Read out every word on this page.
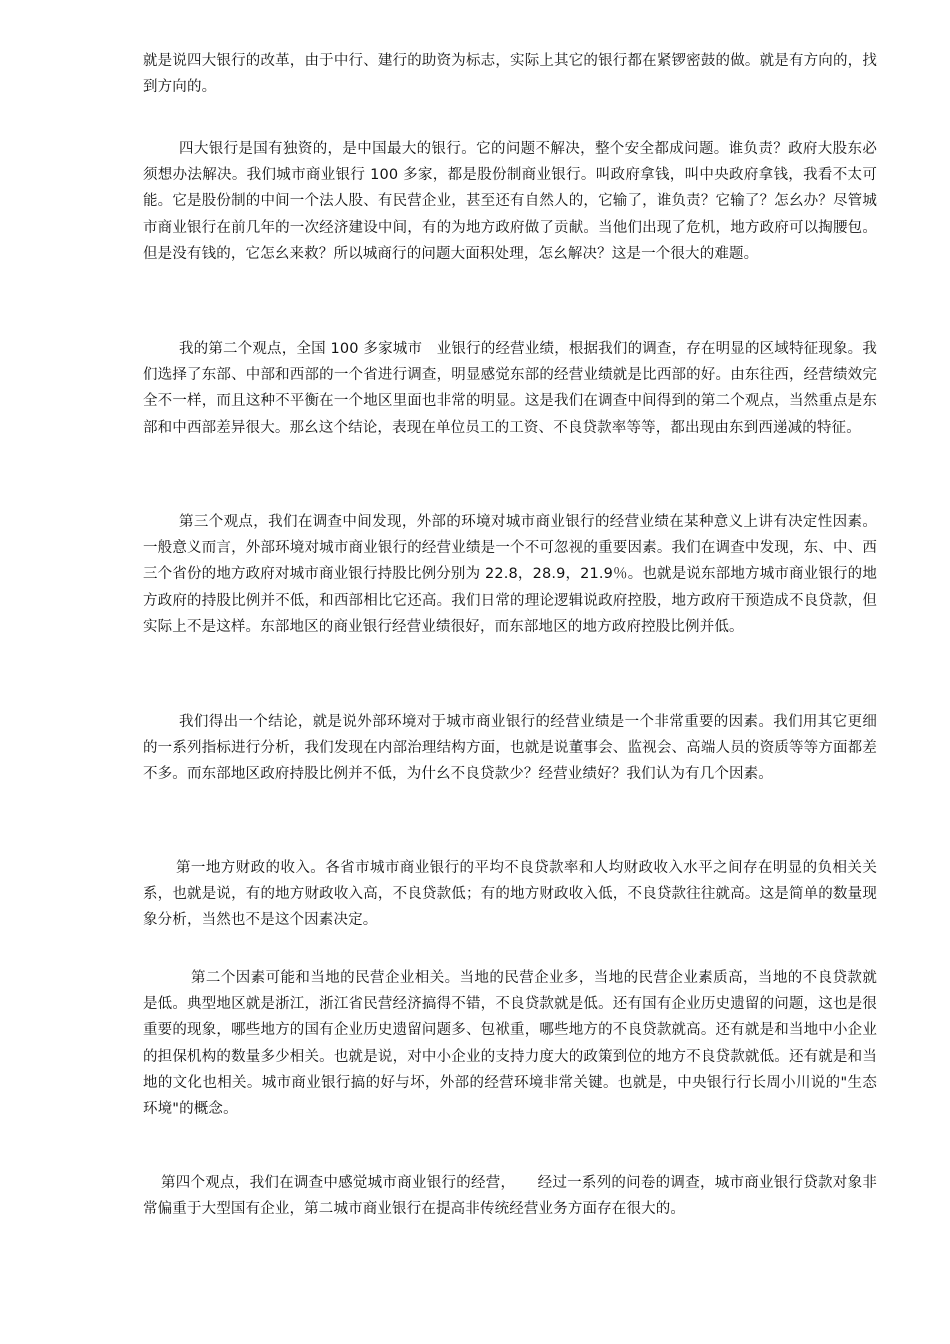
就是说四大银行的改革，由于中行、建行的助资为标志，实际上其它的银行都在紧锣密鼓的做。就是有方向的，找到方向的。

四大银行是国有独资的，是中国最大的银行。它的问题不解决，整个安全都成问题。谁负责？政府大股东必须想办法解决。我们城市商业银行 100 多家，都是股份制商业银行。叫政府拿钱，叫中央政府拿钱，我看不太可能。它是股份制的中间一个法人股、有民营企业，甚至还有自然人的，它输了，谁负责？它输了？怎幺办？尽管城市商业银行在前几年的一次经济建设中间，有的为地方政府做了贡献。当他们出现了危机，地方政府可以掏腰包。但是没有钱的，它怎幺来救？所以城商行的问题大面积处理，怎幺解决？这是一个很大的难题。

我的第二个观点，全国 100 多家城市　业银行的经营业绩，根据我们的调查，存在明显的区域特征现象。我们选择了东部、中部和西部的一个省进行调查，明显感觉东部的经营业绩就是比西部的好。由东往西，经营绩效完全不一样，而且这种不平衡在一个地区里面也非常的明显。这是我们在调查中间得到的第二个观点，当然重点是东部和中西部差异很大。那幺这个结论，表现在单位员工的工资、不良贷款率等等，都出现由东到西递减的特征。

第三个观点，我们在调查中间发现，外部的环境对城市商业银行的经营业绩在某种意义上讲有决定性因素。一般意义而言，外部环境对城市商业银行的经营业绩是一个不可忽视的重要因素。我们在调查中发现，东、中、西三个省份的地方政府对城市商业银行持股比例分别为 22.8，28.9，21.9％。也就是说东部地方城市商业银行的地方政府的持股比例并不低，和西部相比它还高。我们日常的理论逻辑说政府控股，地方政府干预造成不良贷款，但实际上不是这样。东部地区的商业银行经营业绩很好，而东部地区的地方政府控股比例并低。

我们得出一个结论，就是说外部环境对于城市商业银行的经营业绩是一个非常重要的因素。我们用其它更细的一系列指标进行分析，我们发现在内部治理结构方面，也就是说董事会、监视会、高端人员的资质等等方面都差不多。而东部地区政府持股比例并不低，为什幺不良贷款少？经营业绩好？我们认为有几个因素。

第一地方财政的收入。各省市城市商业银行的平均不良贷款率和人均财政收入水平之间存在明显的负相关关系，也就是说，有的地方财政收入高，不良贷款低；有的地方财政收入低，不良贷款往往就高。这是简单的数量现象分析，当然也不是这个因素决定。

第二个因素可能和当地的民营企业相关。当地的民营企业多，当地的民营企业素质高，当地的不良贷款就是低。典型地区就是浙江，浙江省民营经济搞得不错，不良贷款就是低。还有国有企业历史遗留的问题，这也是很重要的现象，哪些地方的国有企业历史遗留问题多、包袱重，哪些地方的不良贷款就高。还有就是和当地中小企业的担保机构的数量多少相关。也就是说，对中小企业的支持力度大的政策到位的地方不良贷款就低。还有就是和当地的文化也相关。城市商业银行搞的好与坏，外部的经营环境非常关键。也就是，中央银行行长周小川说的"生态环境"的概念。

第四个观点，我们在调查中感觉城市商业银行的经营，　　经过一系列的问卷的调查，城市商业银行贷款对象非常偏重于大型国有企业，第二城市商业银行在提高非传统经营业务方面存在很大的。
